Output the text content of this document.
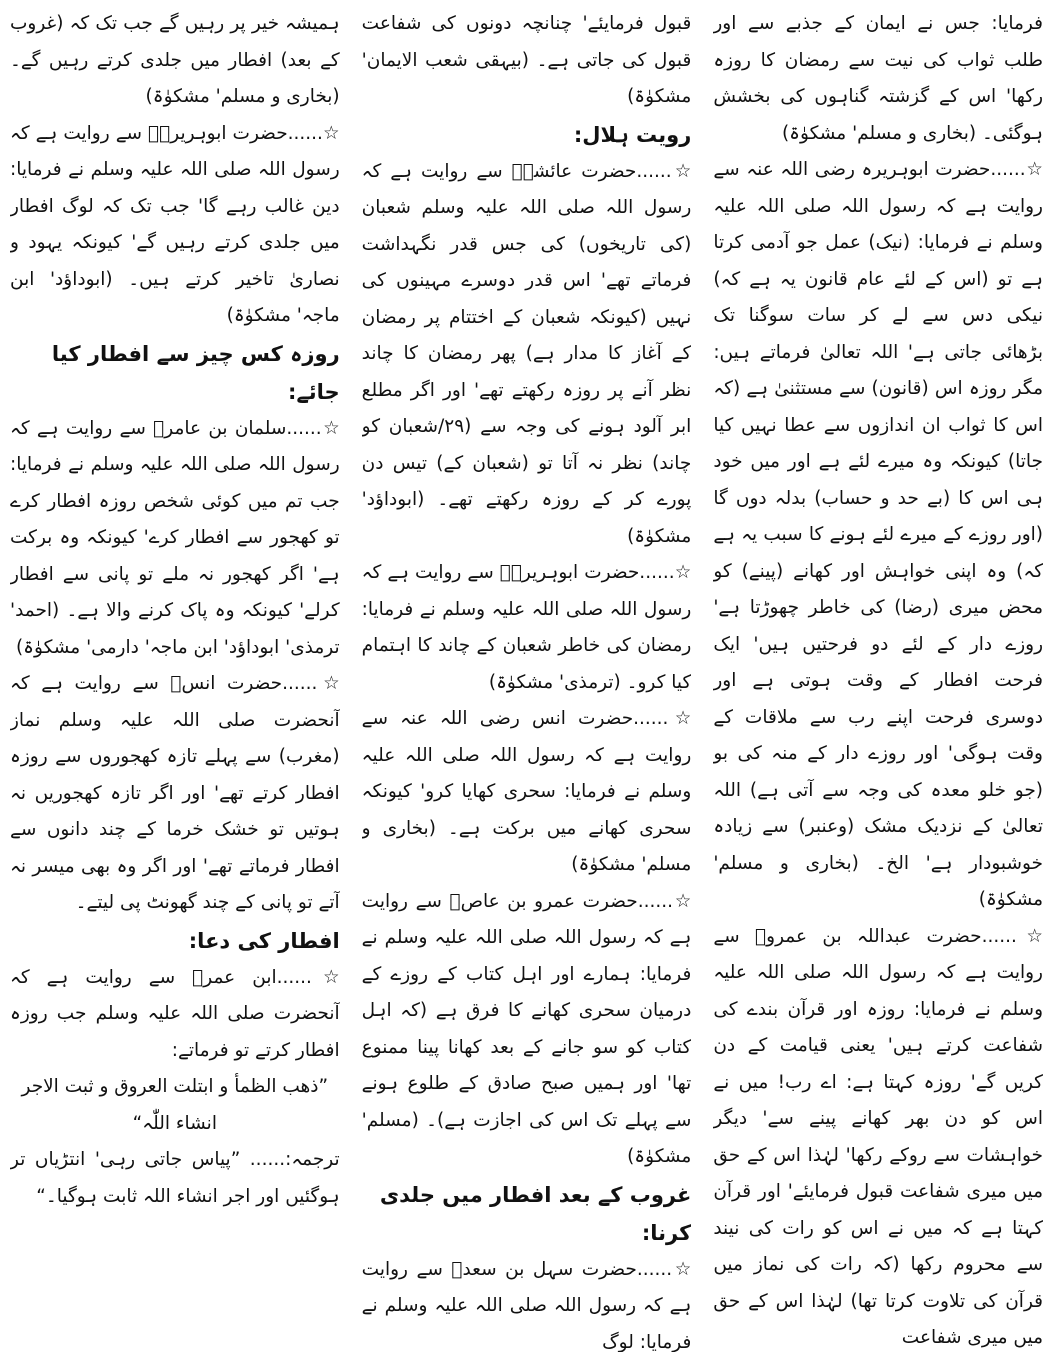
فرمایا: جس نے ایمان کے جذبے سے اور طلب ثواب کی نیت سے رمضان کا روزہ رکھا' اس کے گزشتہ گناہوں کی بخشش ہوگئی۔ (بخاری و مسلم' مشکوٰۃ)

☆......حضرت ابوہریرہ رضی اللہ عنہ سے روایت ہے کہ رسول اللہ صلی اللہ علیہ وسلم نے فرمایا: (نیک) عمل جو آدمی کرتا ہے تو (اس کے لئے عام قانون یہ ہے کہ) نیکی دس سے لے کر سات سوگنا تک بڑھائی جاتی ہے' اللہ تعالیٰ فرماتے ہیں: مگر روزہ اس (قانون) سے مستثنیٰ ہے (کہ اس کا ثواب ان اندازوں سے عطا نہیں کیا جاتا) کیونکہ وہ میرے لئے ہے اور میں خود ہی اس کا (بے حد و حساب) بدلہ دوں گا (اور روزے کے میرے لئے ہونے کا سبب یہ ہے کہ) وہ اپنی خواہش اور کھانے (پینے) کو محض میری (رضا) کی خاطر چھوڑتا ہے' روزے دار کے لئے دو فرحتیں ہیں' ایک فرحت افطار کے وقت ہوتی ہے اور دوسری فرحت اپنے رب سے ملاقات کے وقت ہوگی' اور روزے دار کے منہ کی بو (جو خلو معدہ کی وجہ سے آتی ہے) اللہ تعالیٰ کے نزدیک مشک (وعنبر) سے زیادہ خوشبودار ہے' الخ۔ (بخاری و مسلم' مشکوٰۃ)

☆......حضرت عبداللہ بن عمروؓ سے روایت ہے کہ رسول اللہ صلی اللہ علیہ وسلم نے فرمایا: روزہ اور قرآن بندے کی شفاعت کرتے ہیں' یعنی قیامت کے دن کریں گے' روزہ کہتا ہے: اے رب! میں نے اس کو دن بھر کھانے پینے سے' دیگر خواہشات سے روکے رکھا' لہٰذا اس کے حق میں میری شفاعت قبول فرمایئے' اور قرآن کہتا ہے کہ میں نے اس کو رات کی نیند سے محروم رکھا (کہ رات کی نماز میں قرآن کی تلاوت کرتا تھا) لہٰذا اس کے حق میں میری شفاعت

قبول فرمایئے' چنانچہ دونوں کی شفاعت قبول کی جاتی ہے۔ (بیہقی شعب الایمان' مشکوٰۃ)

رویت ہلال:

☆......حضرت عائشہؓ سے روایت ہے کہ رسول اللہ صلی اللہ علیہ وسلم شعبان (کی تاریخوں) کی جس قدر نگہداشت فرماتے تھے' اس قدر دوسرے مہینوں کی نہیں (کیونکہ شعبان کے اختتام پر رمضان کے آغاز کا مدار ہے) پھر رمضان کا چاند نظر آنے پر روزہ رکھتے تھے' اور اگر مطلع ابر آلود ہونے کی وجہ سے (۲۹/شعبان کو چاند) نظر نہ آتا تو (شعبان کے) تیس دن پورے کر کے روزہ رکھتے تھے۔ (ابوداؤد' مشکوٰۃ)

☆......حضرت ابوہریرہؓ سے روایت ہے کہ رسول اللہ صلی اللہ علیہ وسلم نے فرمایا: رمضان کی خاطر شعبان کے چاند کا اہتمام کیا کرو۔ (ترمذی' مشکوٰۃ)

☆......حضرت انس رضی اللہ عنہ سے روایت ہے کہ رسول اللہ صلی اللہ علیہ وسلم نے فرمایا: سحری کھایا کرو' کیونکہ سحری کھانے میں برکت ہے۔ (بخاری و مسلم' مشکوٰۃ)

☆......حضرت عمرو بن عاصؓ سے روایت ہے کہ رسول اللہ صلی اللہ علیہ وسلم نے فرمایا: ہمارے اور اہل کتاب کے روزے کے درمیان سحری کھانے کا فرق ہے (کہ اہل کتاب کو سو جانے کے بعد کھانا پینا ممنوع تھا' اور ہمیں صبح صادق کے طلوع ہونے سے پہلے تک اس کی اجازت ہے)۔ (مسلم' مشکوٰۃ)

غروب کے بعد افطار میں جلدی کرنا:

☆......حضرت سہل بن سعدؓ سے روایت ہے کہ رسول اللہ صلی اللہ علیہ وسلم نے فرمایا: لوگ

ہمیشہ خیر پر رہیں گے جب تک کہ (غروب کے بعد) افطار میں جلدی کرتے رہیں گے۔ (بخاری و مسلم' مشکوٰۃ)

☆......حضرت ابوہریرہؓ سے روایت ہے کہ رسول اللہ صلی اللہ علیہ وسلم نے فرمایا: دین غالب رہے گا' جب تک کہ لوگ افطار میں جلدی کرتے رہیں گے' کیونکہ یہود و نصاریٰ تاخیر کرتے ہیں۔ (ابوداؤد' ابن ماجہ' مشکوٰۃ)

روزہ کس چیز سے افطار کیا جائے:

☆......سلمان بن عامرؓ سے روایت ہے کہ رسول اللہ صلی اللہ علیہ وسلم نے فرمایا: جب تم میں کوئی شخص روزہ افطار کرے تو کھجور سے افطار کرے' کیونکہ وہ برکت ہے' اگر کھجور نہ ملے تو پانی سے افطار کرلے' کیونکہ وہ پاک کرنے والا ہے۔ (احمد' ترمذی' ابوداؤد' ابن ماجہ' دارمی' مشکوٰۃ)

☆......حضرت انسؓ سے روایت ہے کہ آنحضرت صلی اللہ علیہ وسلم نماز (مغرب) سے پہلے تازہ کھجوروں سے روزہ افطار کرتے تھے' اور اگر تازہ کھجوریں نہ ہوتیں تو خشک خرما کے چند دانوں سے افطار فرماتے تھے' اور اگر وہ بھی میسر نہ آتے تو پانی کے چند گھونٹ پی لیتے۔

افطار کی دعا:

☆......ابن عمرؓ سے روایت ہے کہ آنحضرت صلی اللہ علیہ وسلم جب روزہ افطار کرتے تو فرماتے:

”ذھب الظمأ و ابتلت العروق و ثبت الاجر انشاء اللّٰہ“

ترجمہ:...... ”پیاس جاتی رہی' انتڑیاں تر ہوگئیں اور اجر انشاء اللہ ثابت ہوگیا۔“
